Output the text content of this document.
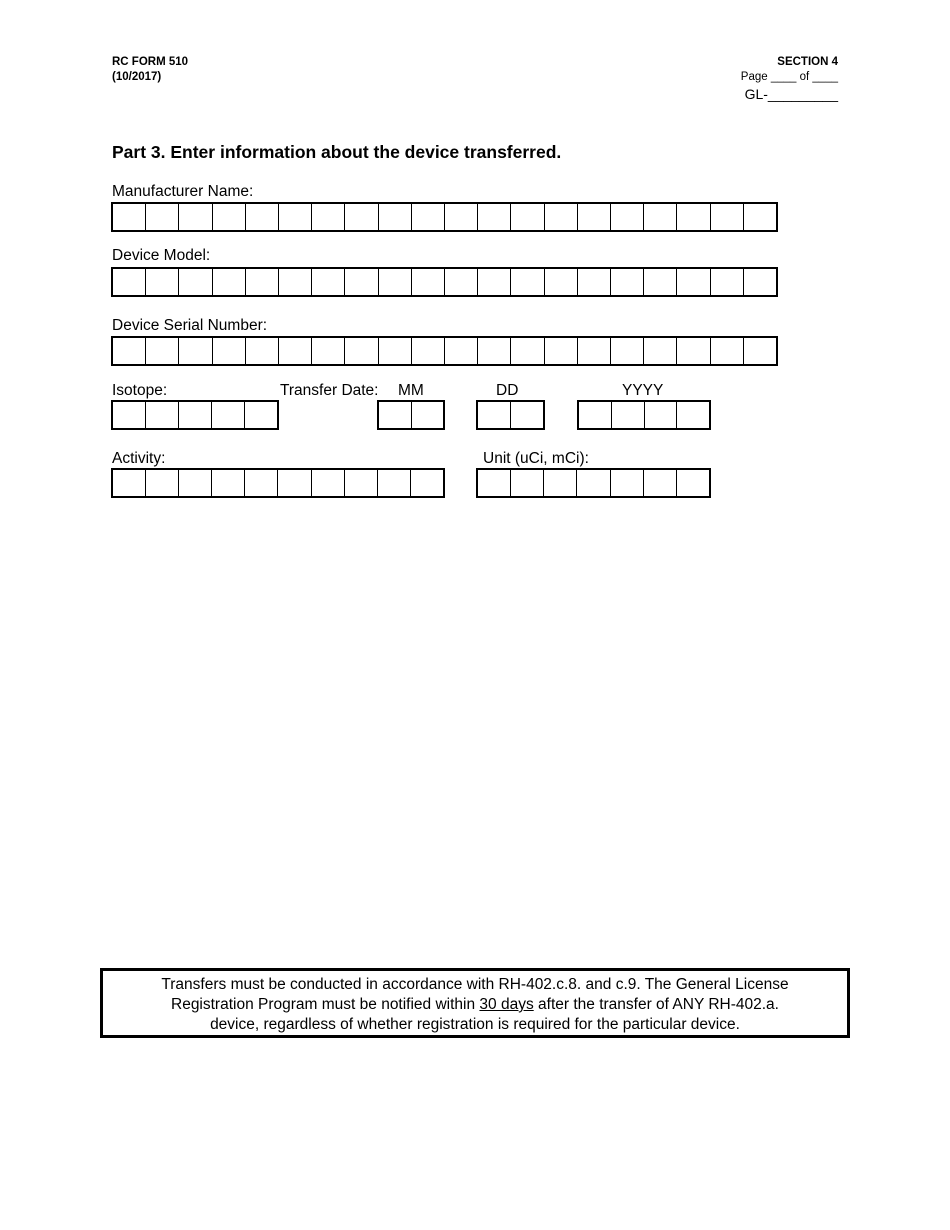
RC FORM 510
(10/2017)
SECTION 4
Page ____ of ____
GL-_________
Part 3. Enter information about the device transferred.
Manufacturer Name:
Device Model:
Device Serial Number:
Isotope:	Transfer Date: MM	DD	YYYY
Activity:	Unit (uCi, mCi):
Transfers must be conducted in accordance with RH-402.c.8. and c.9. The General License
Registration Program must be notified within 30 days after the transfer of ANY RH-402.a.
device, regardless of whether registration is required for the particular device.
